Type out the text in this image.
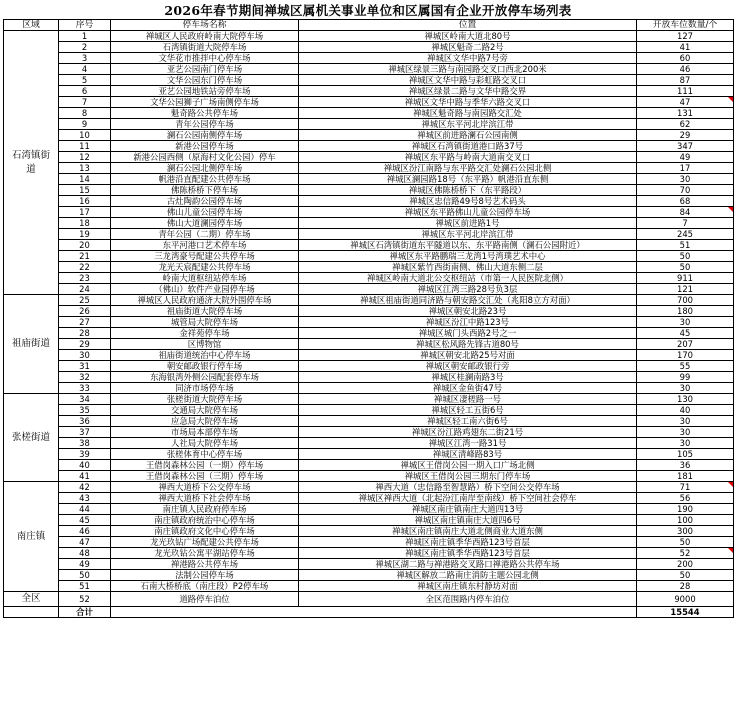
2026年春节期间禅城区属机关事业单位和区属国有企业开放停车场列表
区域	序号	停车场名称	位置	开放车位数量/个
石湾镇街道	1	禅城区人民政府岭南大院停车场	禅城区岭南大道北80号	127
	2	石湾镇街道大院停车场	禅城区魁奇二路2号	41
	3	文华花市推拌中心停车场	禅城区文华中路7号旁	60
	4	亚艺公园南门停车场	禅城区绿景三路与南园路交叉口西北200米	46
	5	文华公园东门停车场	禅城区文华中路与彩虹路交叉口	87
	6	亚艺公园地铁站旁停车场	禅城区绿景二路与文华中路交界	111
	7	文华公园狮子广场南侧停车场	禅城区文华中路与季华六路交叉口	47
	8	魁奇路公共停车场	禅城区魁奇路与南园路交汇处	131
	9	青年公园停车场	禅城区东平河北岸滨江带	62
	10	澜石公园南侧停车场	禅城区前进路澜石公园南侧	29
	11	新港公园停车场	禅城区石湾镇街道港口路37号	347
	12	新港公园西侧（原海村文化公园）停车	禅城区东平路与岭南大道南交叉口	49
	13	澜石公园北侧停车场	禅城区汾江南路与东平路交汇处澜石公园北侧	17
	14	帆港沿直配建公共停车场	禅城区澜园路18号（东平路）帆港沿直东侧	30
	15	佛陈桥桥下停车场	禅城区佛陈桥桥下（东平路段）	70
	16	古灶陶韵公园停车场	禅城区忠信路49号8号艺术码头	68
	17	佛山儿童公园停车场	禅城区东平路佛山儿童公园停车场	84
	18	佛山大道澜园停车场	禅城区前进路1号	7
	19	青年公园（二期）停车场	禅城区东平河北岸滨江带	245
	20	东平河港口艺术停车场	禅城区石湾镇街道东平隧道以东、东平路南侧（澜石公园附近）	51
	21	三龙湾豪号配建公共停车场	禅城区东平路鹏瑞三龙湾1号湾璞艺术中心	50
	22	龙光天宸配建公共停车场	禅城区紫竹西街南侧、佛山大道东侧二层	50
	23	岭南大道枢纽站停车场	禅城区岭南大道北公交枢纽站（市第一人民医院北侧）	911
	24	（佛山）软件产业园停车场	禅城区江湾三路28号负3层	121
祖庙街道	25	禅城区人民政府通济大院外围停车场	禅城区祖庙街道同济路与朝安路交汇处（兆阳8立方对面）	700
	26	祖庙街道大院停车场	禅城区朝安北路23号	180
	27	城管局大院停车场	禅城区汾江中路123号	30
	28	金祥苑停车场	禅城区城门头西路2号之一	45
	29	区博物馆	禅城区松风路先锋古道80号	207
	30	祖庙街道统治中心停车场	禅城区朝安北路25号对面	170
	31	朝安邮政银行停车场	禅城区朝安邮政银行旁	55
	32	东海银湾外侧公园配套停车场	禅城区桂澜南路3号	99
	33	同济市场停车场	禅城区金鱼街47号	30
张槎街道	34	张槎街道大院停车场	禅城区凄槎路一号	130
	35	交通局大院停车场	禅城区轻工五街6号	40
	36	应急局大院停车场	禅城区轻工南六街6号	30
	37	市场局本部停车场	禅城区汾江路鸡翅东二街21号	30
	38	人社局大院停车场	禅城区江湾一路31号	30
	39	张槎体育中心停车场	禅城区清峰路83号	105
	40	王借岗森林公园（一期）停车场	禅城区王借岗公园一期入口广场北侧	36
	41	王借岗森林公园（三期）停车场	禅城区王借岗公园三期东门停车场	181
南庄镇	42	禅西大道桥下公交停车场	禅西大道（忠信路至智慧路）桥下空间公交停车场	71
	43	禅西大道桥下社会停车场	禅城区禅西大道（北起汾江南岸至南线）桥下空间社会停车	56
	44	南庄镇人民政府停车场	禅城区南庄镇南庄大道四13号	190
	45	南庄镇政府统治中心停车场	禅城区南庄镇南庄大道四6号	100
	46	南庄镇政府文化中心停车场	禅城区南庄镇南庄大道北侧商业大道东侧	300
	47	龙光玖钻广场配建公共停车场	禅城区南庄镇季华西路123号首层	50
	48	龙光玖钻公寓平湖站停车场	禅城区南庄镇季华西路123号首层	52
	49	禅港路公共停车场	禅城区湖二路与禅港路交叉路口禅港路公共停车场	200
	50	法制公园停车场	禅城区解放二路南庄消防主题公园北侧	50
	51	石南大桥桥底（南庄段）P2停车场	禅城区南庄镇东村静坊对面	28
全区	52	道路停车泊位	全区范围路内停车泊位	9000
	合计			15544
